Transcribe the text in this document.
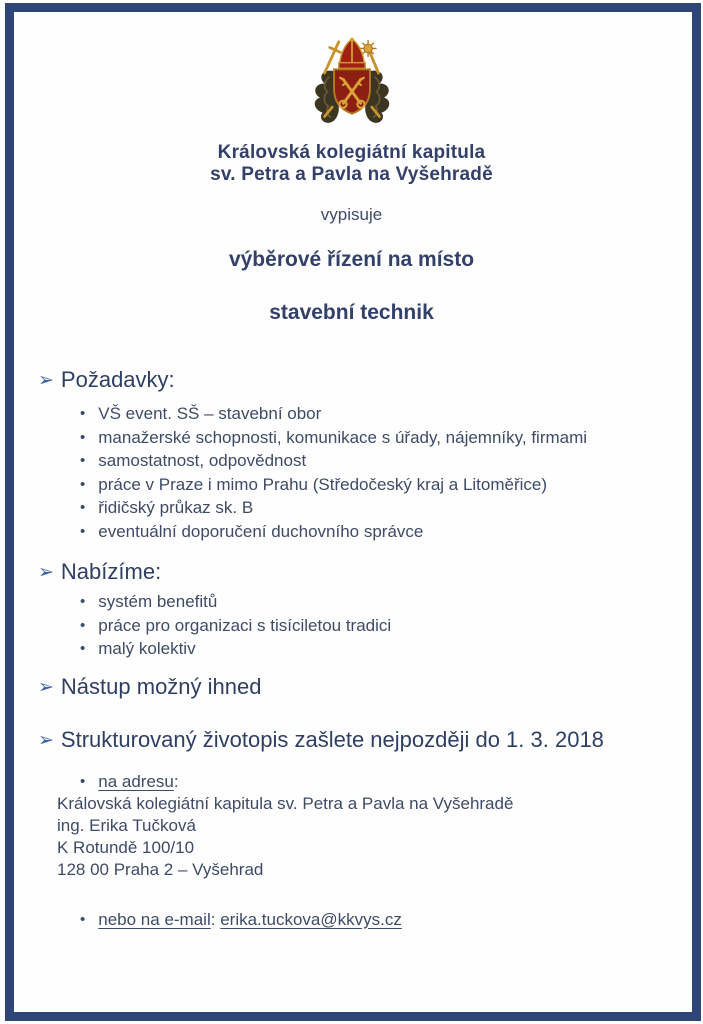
Královská kolegiátní kapitula
sv. Petra a Pavla na Vyšehradě
vypisuje
výběrové řízení na místo
stavební technik
➢ Požadavky:
• VŠ event. SŠ – stavební obor
• manažerské schopnosti, komunikace s úřady, nájemníky, firmami
• samostatnost, odpovědnost
• práce v Praze i mimo Prahu (Středočeský kraj a Litoměřice)
• řidičský průkaz sk. B
• eventuální doporučení duchovního správce
➢ Nabízíme:
• systém benefitů
• práce pro organizaci s tisíciletou tradici
• malý kolektiv
➢ Nástup možný ihned
➢ Strukturovaný životopis zašlete nejpozději do 1. 3. 2018
• na adresu:
Královská kolegiátní kapitula sv. Petra a Pavla na Vyšehradě
ing. Erika Tučková
K Rotundě 100/10
128 00 Praha 2 – Vyšehrad
• nebo na e-mail: erika.tuckova@kkvys.cz
